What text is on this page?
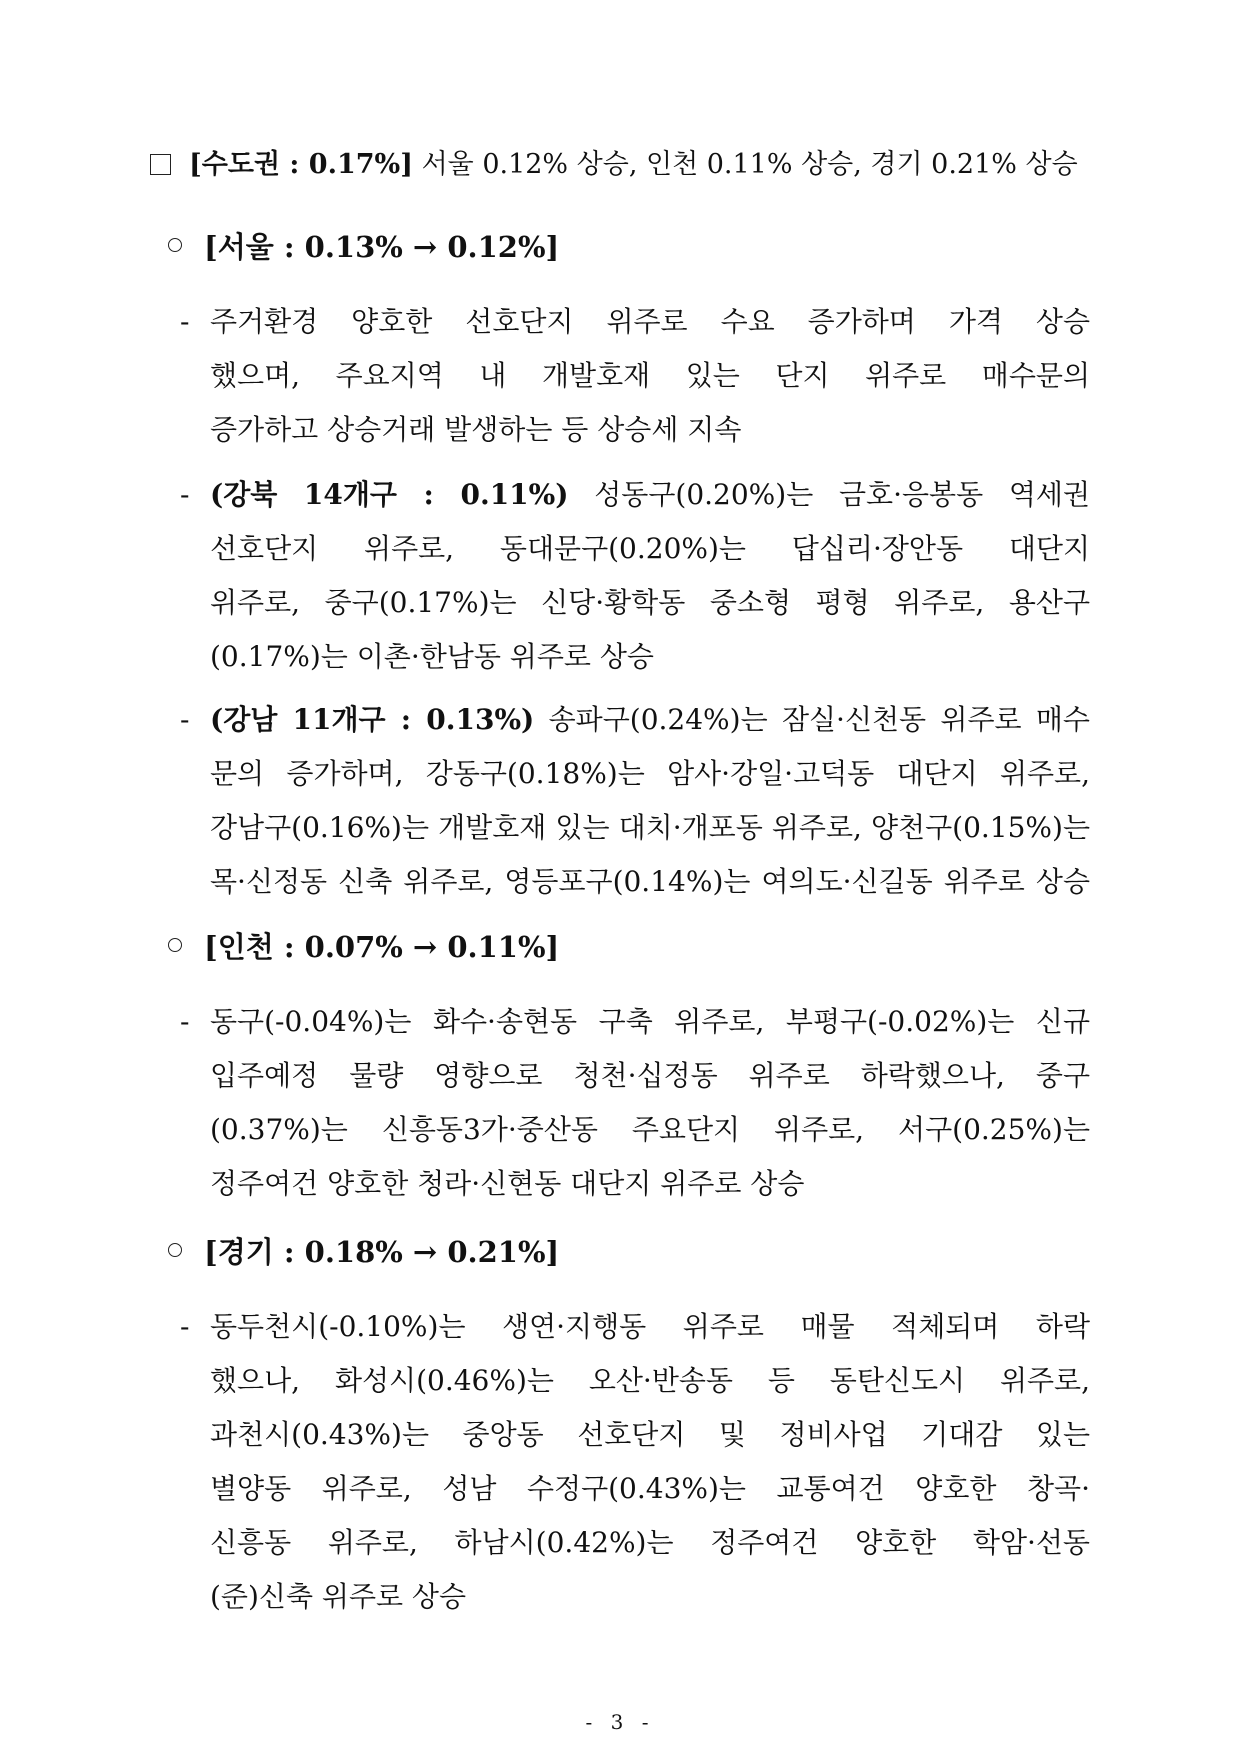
[수도권 : 0.17%] 서울 0.12% 상승, 인천 0.11% 상승, 경기 0.21% 상승
[서울 : 0.13% → 0.12%]
- 주거환경 양호한 선호단지 위주로 수요 증가하며 가격 상승
했으며, 주요지역 내 개발호재 있는 단지 위주로 매수문의
증가하고 상승거래 발생하는 등 상승세 지속
- (강북 14개구 : 0.11%) 성동구(0.20%)는 금호·응봉동 역세권
선호단지 위주로, 동대문구(0.20%)는 답십리·장안동 대단지
위주로, 중구(0.17%)는 신당·황학동 중소형 평형 위주로, 용산구
(0.17%)는 이촌·한남동 위주로 상승
- (강남 11개구 : 0.13%) 송파구(0.24%)는 잠실·신천동 위주로 매수
문의 증가하며, 강동구(0.18%)는 암사·강일·고덕동 대단지 위주로,
강남구(0.16%)는 개발호재 있는 대치·개포동 위주로, 양천구(0.15%)는
목·신정동 신축 위주로, 영등포구(0.14%)는 여의도·신길동 위주로 상승
[인천 : 0.07% → 0.11%]
- 동구(-0.04%)는 화수·송현동 구축 위주로, 부평구(-0.02%)는 신규
입주예정 물량 영향으로 청천·십정동 위주로 하락했으나, 중구
(0.37%)는 신흥동3가·중산동 주요단지 위주로, 서구(0.25%)는
정주여건 양호한 청라·신현동 대단지 위주로 상승
[경기 : 0.18% → 0.21%]
- 동두천시(-0.10%)는 생연·지행동 위주로 매물 적체되며 하락
했으나, 화성시(0.46%)는 오산·반송동 등 동탄신도시 위주로,
과천시(0.43%)는 중앙동 선호단지 및 정비사업 기대감 있는
별양동 위주로, 성남 수정구(0.43%)는 교통여건 양호한 창곡·
신흥동 위주로, 하남시(0.42%)는 정주여건 양호한 학암·선동
(준)신축 위주로 상승
- 3 -
